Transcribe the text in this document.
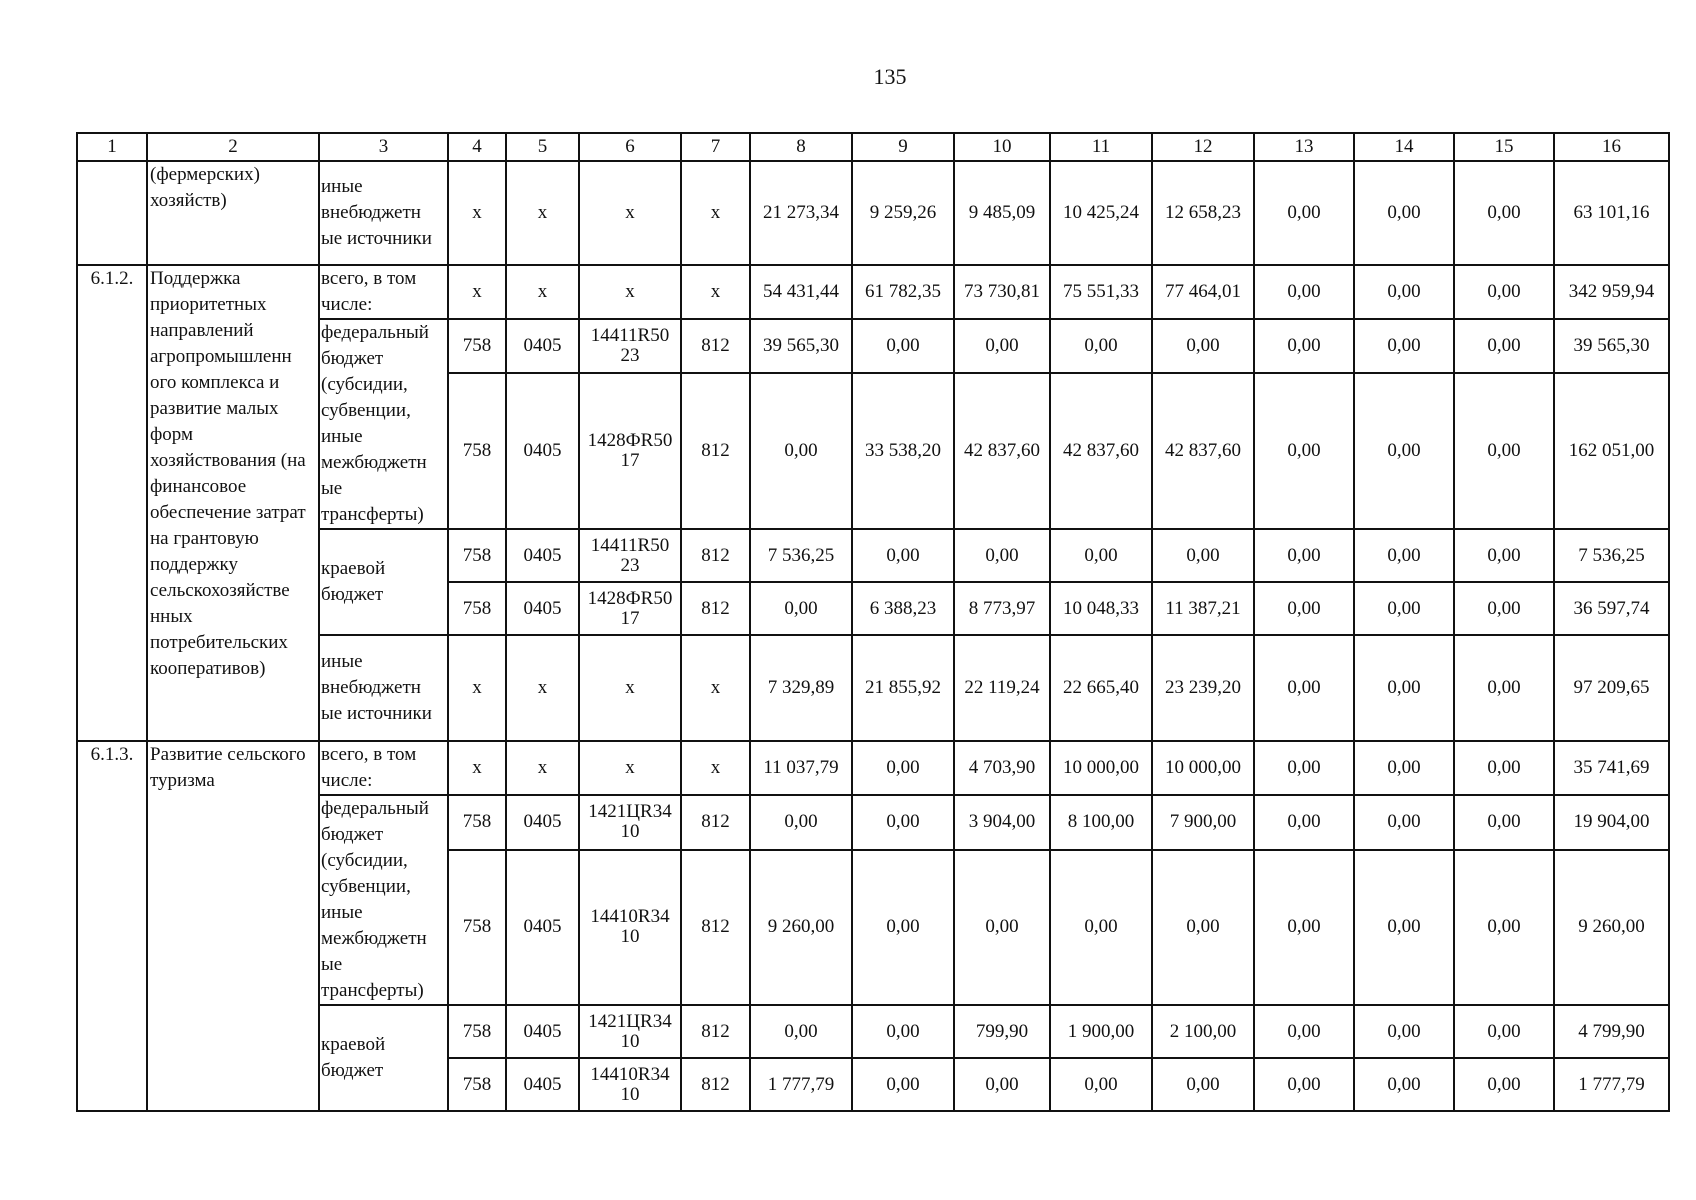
135
1	2	3	4	5	6	7	8	9	10	11	12	13	14	15	16
	(фермерских) хозяйств)	иные внебюджетн ые источники	x	x	x	x	21 273,34	9 259,26	9 485,09	10 425,24	12 658,23	0,00	0,00	0,00	63 101,16
6.1.2.	Поддержка приоритетных направлений агропромышленн ого комплекса и развитие малых форм хозяйствования (на финансовое обеспечение затрат на грантовую поддержку сельскохозяйстве нных потребительских кооперативов)	всего, в том числе:	x	x	x	x	54 431,44	61 782,35	73 730,81	75 551,33	77 464,01	0,00	0,00	0,00	342 959,94
		федеральный бюджет (субсидии, субвенции, иные межбюджетн ые трансферты)	758	0405	14411R50 23	812	39 565,30	0,00	0,00	0,00	0,00	0,00	0,00	0,00	39 565,30
			758	0405	1428ФR50 17	812	0,00	33 538,20	42 837,60	42 837,60	42 837,60	0,00	0,00	0,00	162 051,00
		краевой бюджет	758	0405	14411R50 23	812	7 536,25	0,00	0,00	0,00	0,00	0,00	0,00	0,00	7 536,25
			758	0405	1428ФR50 17	812	0,00	6 388,23	8 773,97	10 048,33	11 387,21	0,00	0,00	0,00	36 597,74
		иные внебюджетн ые источники	x	x	x	x	7 329,89	21 855,92	22 119,24	22 665,40	23 239,20	0,00	0,00	0,00	97 209,65
6.1.3.	Развитие сельского туризма	всего, в том числе:	x	x	x	x	11 037,79	0,00	4 703,90	10 000,00	10 000,00	0,00	0,00	0,00	35 741,69
		федеральный бюджет (субсидии, субвенции, иные межбюджетн ые трансферты)	758	0405	1421ЦR34 10	812	0,00	0,00	3 904,00	8 100,00	7 900,00	0,00	0,00	0,00	19 904,00
			758	0405	14410R34 10	812	9 260,00	0,00	0,00	0,00	0,00	0,00	0,00	0,00	9 260,00
		краевой бюджет	758	0405	1421ЦR34 10	812	0,00	0,00	799,90	1 900,00	2 100,00	0,00	0,00	0,00	4 799,90
			758	0405	14410R34 10	812	1 777,79	0,00	0,00	0,00	0,00	0,00	0,00	0,00	1 777,79
